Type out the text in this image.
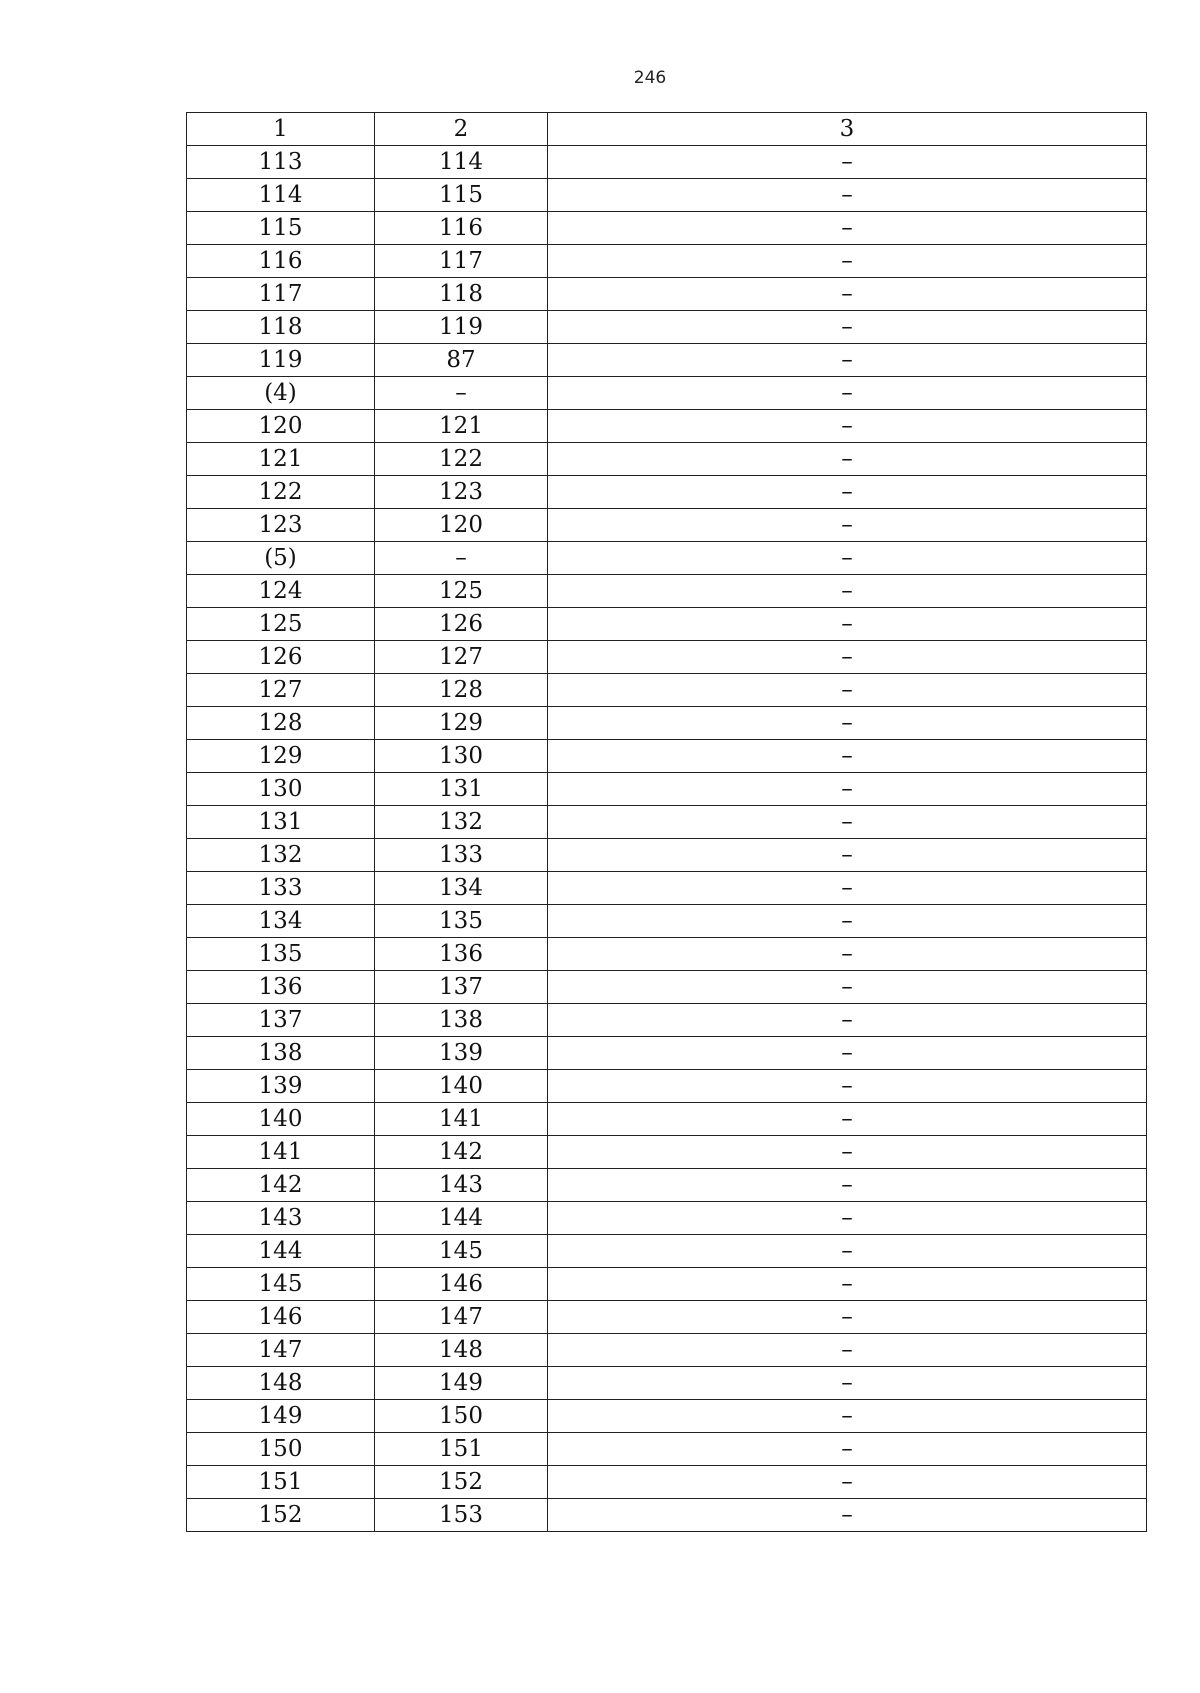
246
1	2	3
113	114	–
114	115	–
115	116	–
116	117	–
117	118	–
118	119	–
119	87	–
(4)	–	–
120	121	–
121	122	–
122	123	–
123	120	–
(5)	–	–
124	125	–
125	126	–
126	127	–
127	128	–
128	129	–
129	130	–
130	131	–
131	132	–
132	133	–
133	134	–
134	135	–
135	136	–
136	137	–
137	138	–
138	139	–
139	140	–
140	141	–
141	142	–
142	143	–
143	144	–
144	145	–
145	146	–
146	147	–
147	148	–
148	149	–
149	150	–
150	151	–
151	152	–
152	153	–
